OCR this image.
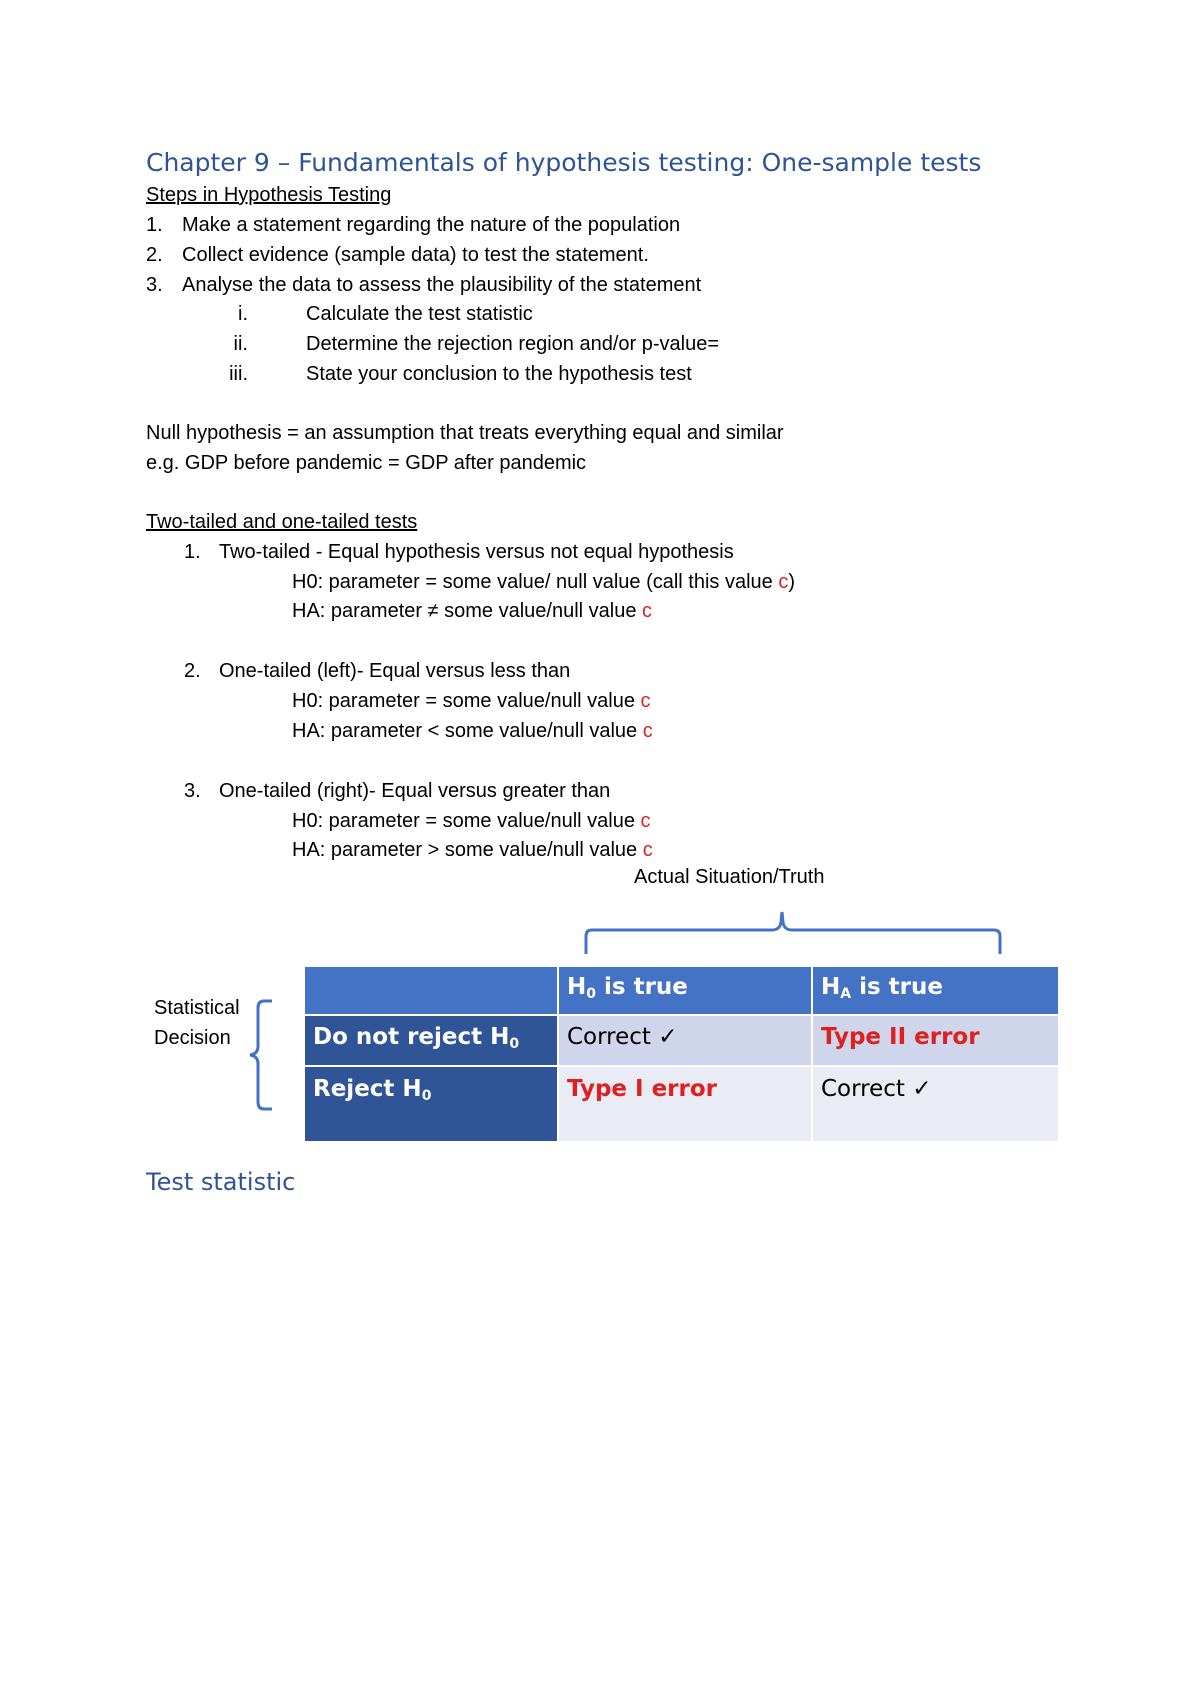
Chapter 9 – Fundamentals of hypothesis testing: One-sample tests
Steps in Hypothesis Testing
1. Make a statement regarding the nature of the population
2. Collect evidence (sample data) to test the statement.
3. Analyse the data to assess the plausibility of the statement
i.	Calculate the test statistic
ii.	Determine the rejection region and/or p-value=
iii.	State your conclusion to the hypothesis test
Null hypothesis = an assumption that treats everything equal and similar
e.g. GDP before pandemic = GDP after pandemic
Two-tailed and one-tailed tests
1. Two-tailed - Equal hypothesis versus not equal hypothesis
H0: parameter = some value/ null value (call this value c)
HA: parameter ≠ some value/null value c
2. One-tailed (left)- Equal versus less than
H0: parameter = some value/null value c
HA: parameter < some value/null value c
3. One-tailed (right)- Equal versus greater than
H0: parameter = some value/null value c
HA: parameter > some value/null value c
Actual Situation/Truth
Statistical
Decision
	$H_0$ is true	$H_A$ is true
Do not reject $H_0$	Correct ✓	Type II error
Reject $H_0$	Type I error	Correct ✓
Test statistic
